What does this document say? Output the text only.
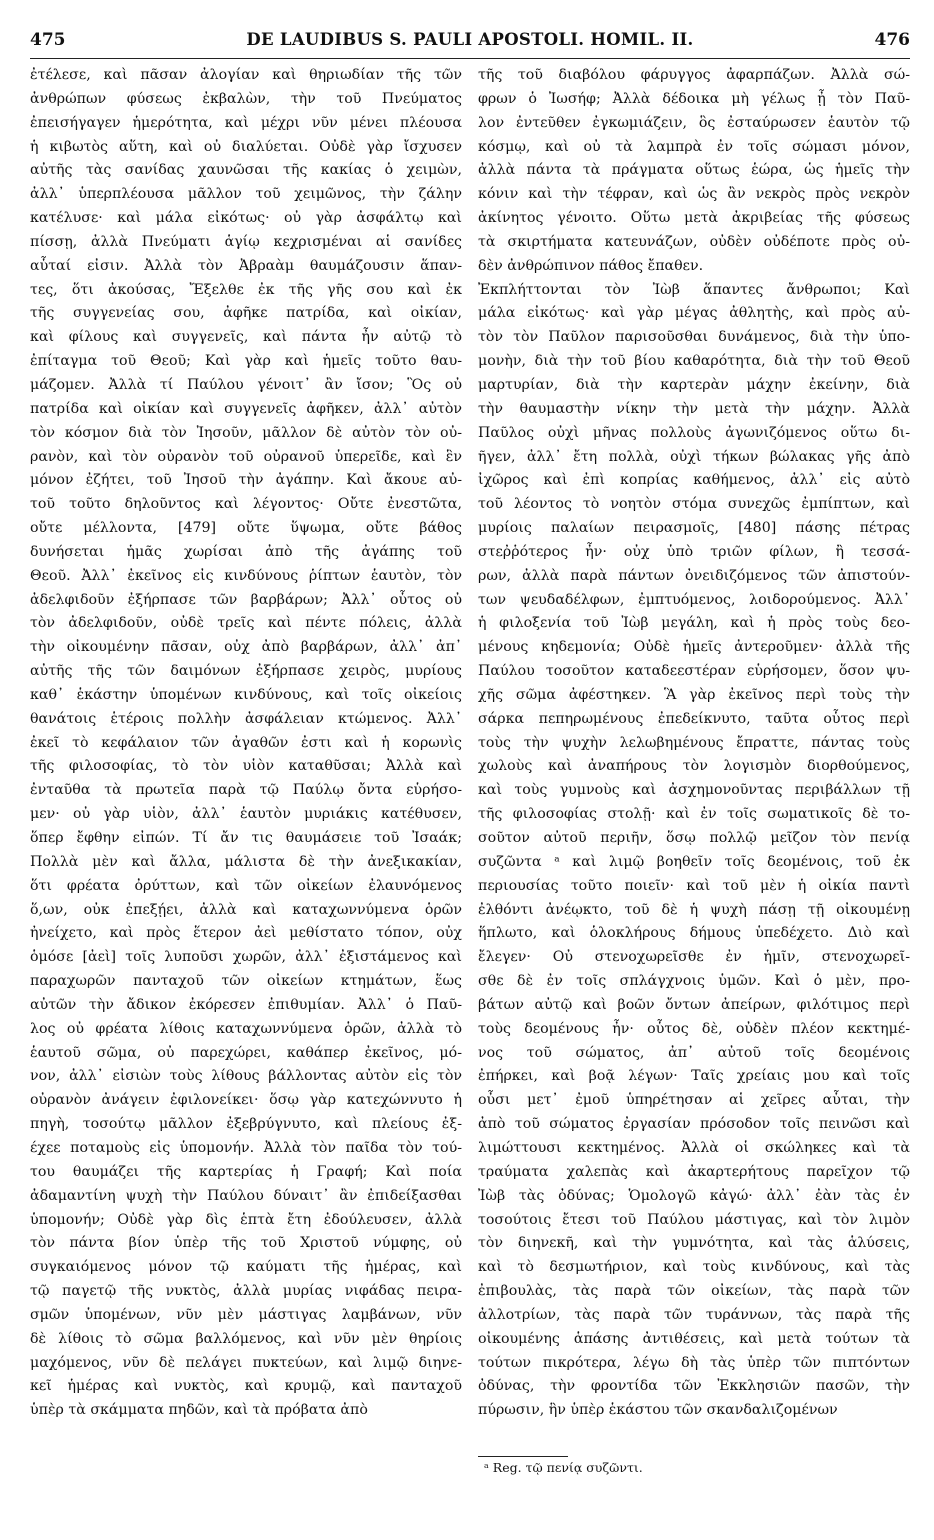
475	DE LAUDIBUS S. PAULI APOSTOLI. HOMIL. II.	476
ἐτέλεσε, καὶ πᾶσαν ἀλογίαν καὶ θηριωδίαν τῆς τῶν
ἀνθρώπων φύσεως ἐκβαλὼν, τὴν τοῦ Πνεύματος
ἐπεισήγαγεν ἡμερότητα, καὶ μέχρι νῦν μένει πλέουσα
ἡ κιβωτὸς αὕτη, καὶ οὐ διαλύεται. Οὐδὲ γὰρ ἴσχυσεν
αὐτῆς τὰς σανίδας χαυνῶσαι τῆς κακίας ὁ χειμὼν,
ἀλλ᾽ ὑπερπλέουσα μᾶλλον τοῦ χειμῶνος, τὴν ζάλην
κατέλυσε· καὶ μάλα εἰκότως· οὐ γὰρ ἀσφάλτῳ καὶ
πίσσῃ, ἀλλὰ Πνεύματι ἁγίῳ κεχρισμέναι αἱ σανίδες
αὗταί εἰσιν. Ἀλλὰ τὸν Ἀβραὰμ θαυμάζουσιν ἅπαν-
τες, ὅτι ἀκούσας, Ἔξελθε ἐκ τῆς γῆς σου καὶ ἐκ
τῆς συγγενείας σου, ἀφῆκε πατρίδα, καὶ οἰκίαν,
καὶ φίλους καὶ συγγενεῖς, καὶ πάντα ἦν αὐτῷ τὸ
ἐπίταγμα τοῦ Θεοῦ; Καὶ γὰρ καὶ ἡμεῖς τοῦτο θαυ-
μάζομεν. Ἀλλὰ τί Παύλου γένοιτ᾽ ἂν ἴσον; Ὃς οὐ
πατρίδα καὶ οἰκίαν καὶ συγγενεῖς ἀφῆκεν, ἀλλ᾽ αὐτὸν
τὸν κόσμον διὰ τὸν Ἰησοῦν, μᾶλλον δὲ αὐτὸν τὸν οὐ-
ρανὸν, καὶ τὸν οὐρανὸν τοῦ οὐρανοῦ ὑπερεῖδε, καὶ ἓν
μόνον ἐζήτει, τοῦ Ἰησοῦ τὴν ἀγάπην. Καὶ ἄκουε αὐ-
τοῦ τοῦτο δηλοῦντος καὶ λέγοντος· Οὔτε ἐνεστῶτα,
οὔτε μέλλοντα, [479] οὔτε ὕψωμα, οὔτε βάθος
δυνήσεται ἡμᾶς χωρίσαι ἀπὸ τῆς ἀγάπης τοῦ
Θεοῦ. Ἀλλ᾽ ἐκεῖνος εἰς κινδύνους ῥίπτων ἑαυτὸν, τὸν
ἀδελφιδοῦν ἐξήρπασε τῶν βαρβάρων; Ἀλλ᾽ οὗτος οὐ
τὸν ἀδελφιδοῦν, οὐδὲ τρεῖς καὶ πέντε πόλεις, ἀλλὰ
τὴν οἰκουμένην πᾶσαν, οὐχ ἀπὸ βαρβάρων, ἀλλ᾽ ἀπ᾽
αὐτῆς τῆς τῶν δαιμόνων ἐξήρπασε χειρὸς, μυρίους
καθ᾽ ἑκάστην ὑπομένων κινδύνους, καὶ τοῖς οἰκείοις
θανάτοις ἑτέροις πολλὴν ἀσφάλειαν κτώμενος. Ἀλλ᾽
ἐκεῖ τὸ κεφάλαιον τῶν ἀγαθῶν ἐστι καὶ ἡ κορωνὶς
τῆς φιλοσοφίας, τὸ τὸν υἱὸν καταθῦσαι; Ἀλλὰ καὶ
ἐνταῦθα τὰ πρωτεῖα παρὰ τῷ Παύλῳ ὄντα εὑρήσο-
μεν· οὐ γὰρ υἱὸν, ἀλλ᾽ ἑαυτὸν μυριάκις κατέθυσεν,
ὅπερ ἔφθην εἰπών. Τί ἄν τις θαυμάσειε τοῦ Ἰσαάκ;
Πολλὰ μὲν καὶ ἄλλα, μάλιστα δὲ τὴν ἀνεξικακίαν,
ὅτι φρέατα ὀρύττων, καὶ τῶν οἰκείων ἐλαυνόμενος
ὅ,ων, οὐκ ἐπεξῄει, ἀλλὰ καὶ καταχωννύμενα ὁρῶν
ἠνείχετο, καὶ πρὸς ἕτερον ἀεὶ μεθίστατο τόπον, οὐχ
ὁμόσε [ἀεὶ] τοῖς λυποῦσι χωρῶν, ἀλλ᾽ ἐξιστάμενος καὶ
παραχωρῶν πανταχοῦ τῶν οἰκείων κτημάτων, ἕως
αὐτῶν τὴν ἄδικον ἐκόρεσεν ἐπιθυμίαν. Ἀλλ᾽ ὁ Παῦ-
λος οὐ φρέατα λίθοις καταχωννύμενα ὁρῶν, ἀλλὰ τὸ
ἑαυτοῦ σῶμα, οὐ παρεχώρει, καθάπερ ἐκεῖνος, μό-
νον, ἀλλ᾽ εἰσιὼν τοὺς λίθους βάλλοντας αὐτὸν εἰς τὸν
οὐρανὸν ἀνάγειν ἐφιλονείκει· ὅσῳ γὰρ κατεχώννυτο ἡ
πηγὴ, τοσούτῳ μᾶλλον ἐξεβρύγνυτο, καὶ πλείους ἐξ-
έχεε ποταμοὺς εἰς ὑπομονήν. Ἀλλὰ τὸν παῖδα τὸν τού-
του θαυμάζει τῆς καρτερίας ἡ Γραφή; Καὶ ποία
ἀδαμαντίνη ψυχὴ τὴν Παύλου δύναιτ᾽ ἂν ἐπιδείξασθαι
ὑπομονήν; Οὐδὲ γὰρ δὶς ἑπτὰ ἔτη ἐδούλευσεν, ἀλλὰ
τὸν πάντα βίον ὑπὲρ τῆς τοῦ Χριστοῦ νύμφης, οὐ
συγκαιόμενος μόνον τῷ καύματι τῆς ἡμέρας, καὶ
τῷ παγετῷ τῆς νυκτὸς, ἀλλὰ μυρίας νιφάδας πειρα-
σμῶν ὑπομένων, νῦν μὲν μάστιγας λαμβάνων, νῦν
δὲ λίθοις τὸ σῶμα βαλλόμενος, καὶ νῦν μὲν θηρίοις
μαχόμενος, νῦν δὲ πελάγει πυκτεύων, καὶ λιμῷ διηνε-
κεῖ ἡμέρας καὶ νυκτὸς, καὶ κρυμῷ, καὶ πανταχοῦ
ὑπὲρ τὰ σκάμματα πηδῶν, καὶ τὰ πρόβατα ἀπὸ
τῆς τοῦ διαβόλου φάρυγγος ἀφαρπάζων. Ἀλλὰ σώ-
φρων ὁ Ἰωσήφ; Ἀλλὰ δέδοικα μὴ γέλως ᾖ τὸν Παῦ-
λον ἐντεῦθεν ἐγκωμιάζειν, ὃς ἐσταύρωσεν ἑαυτὸν τῷ
κόσμῳ, καὶ οὐ τὰ λαμπρὰ ἐν τοῖς σώμασι μόνον,
ἀλλὰ πάντα τὰ πράγματα οὕτως ἑώρα, ὡς ἡμεῖς τὴν
κόνιν καὶ τὴν τέφραν, καὶ ὡς ἂν νεκρὸς πρὸς νεκρὸν
ἀκίνητος γένοιτο. Οὕτω μετὰ ἀκριβείας τῆς φύσεως
τὰ σκιρτήματα κατευνάζων, οὐδὲν οὐδέποτε πρὸς οὐ-
δὲν ἀνθρώπινον πάθος ἔπαθεν.
Ἐκπλήττονται τὸν Ἰὼβ ἅπαντες ἄνθρωποι; Καὶ
μάλα εἰκότως· καὶ γὰρ μέγας ἀθλητὴς, καὶ πρὸς αὐ-
τὸν τὸν Παῦλον παρισοῦσθαι δυνάμενος, διὰ τὴν ὑπο-
μονὴν, διὰ τὴν τοῦ βίου καθαρότητα, διὰ τὴν τοῦ Θεοῦ
μαρτυρίαν, διὰ τὴν καρτερὰν μάχην ἐκείνην, διὰ
τὴν θαυμαστὴν νίκην τὴν μετὰ τὴν μάχην. Ἀλλὰ
Παῦλος οὐχὶ μῆνας πολλοὺς ἀγωνιζόμενος οὕτω δι-
ῆγεν, ἀλλ᾽ ἔτη πολλὰ, οὐχὶ τήκων βώλακας γῆς ἀπὸ
ἰχῶρος καὶ ἐπὶ κοπρίας καθήμενος, ἀλλ᾽ εἰς αὐτὸ
τοῦ λέοντος τὸ νοητὸν στόμα συνεχῶς ἐμπίπτων, καὶ
μυρίοις παλαίων πειρασμοῖς, [480] πάσης πέτρας
στεῤῥότερος ἦν· οὐχ ὑπὸ τριῶν φίλων, ἢ τεσσά-
ρων, ἀλλὰ παρὰ πάντων ὀνειδιζόμενος τῶν ἀπιστούν-
των ψευδαδέλφων, ἐμπτυόμενος, λοιδορούμενος. Ἀλλ᾽
ἡ φιλοξενία τοῦ Ἰὼβ μεγάλη, καὶ ἡ πρὸς τοὺς δεο-
μένους κηδεμονία; Οὐδὲ ἡμεῖς ἀντεροῦμεν· ἀλλὰ τῆς
Παύλου τοσοῦτον καταδεεστέραν εὑρήσομεν, ὅσον ψυ-
χῆς σῶμα ἀφέστηκεν. Ἃ γὰρ ἐκεῖνος περὶ τοὺς τὴν
σάρκα πεπηρωμένους ἐπεδείκνυτο, ταῦτα οὗτος περὶ
τοὺς τὴν ψυχὴν λελωβημένους ἔπραττε, πάντας τοὺς
χωλοὺς καὶ ἀναπήρους τὸν λογισμὸν διορθούμενος,
καὶ τοὺς γυμνοὺς καὶ ἀσχημονοῦντας περιβάλλων τῇ
τῆς φιλοσοφίας στολῇ· καὶ ἐν τοῖς σωματικοῖς δὲ το-
σοῦτον αὐτοῦ περιῆν, ὅσῳ πολλῷ μεῖζον τὸν πενίᾳ
συζῶντα ᵃ καὶ λιμῷ βοηθεῖν τοῖς δεομένοις, τοῦ ἐκ
περιουσίας τοῦτο ποιεῖν· καὶ τοῦ μὲν ἡ οἰκία παντὶ
ἐλθόντι ἀνέῳκτο, τοῦ δὲ ἡ ψυχὴ πάσῃ τῇ οἰκουμένῃ
ἥπλωτο, καὶ ὁλοκλήρους δήμους ὑπεδέχετο. Διὸ καὶ
ἔλεγεν· Οὐ στενοχωρεῖσθε ἐν ἡμῖν, στενοχωρεῖ-
σθε δὲ ἐν τοῖς σπλάγχνοις ὑμῶν. Καὶ ὁ μὲν, προ-
βάτων αὐτῷ καὶ βοῶν ὄντων ἀπείρων, φιλότιμος περὶ
τοὺς δεομένους ἦν· οὗτος δὲ, οὐδὲν πλέον κεκτημέ-
νος τοῦ σώματος, ἀπ᾽ αὐτοῦ τοῖς δεομένοις
ἐπήρκει, καὶ βοᾷ λέγων· Ταῖς χρείαις μου καὶ τοῖς
οὖσι μετ᾽ ἐμοῦ ὑπηρέτησαν αἱ χεῖρες αὗται, τὴν
ἀπὸ τοῦ σώματος ἐργασίαν πρόσοδον τοῖς πεινῶσι καὶ
λιμώττουσι κεκτημένος. Ἀλλὰ οἱ σκώληκες καὶ τὰ
τραύματα χαλεπὰς καὶ ἀκαρτερήτους παρεῖχον τῷ
Ἰὼβ τὰς ὀδύνας; Ὁμολογῶ κἀγώ· ἀλλ᾽ ἐὰν τὰς ἐν
τοσούτοις ἔτεσι τοῦ Παύλου μάστιγας, καὶ τὸν λιμὸν
τὸν διηνεκῆ, καὶ τὴν γυμνότητα, καὶ τὰς ἁλύσεις,
καὶ τὸ δεσμωτήριον, καὶ τοὺς κινδύνους, καὶ τὰς
ἐπιβουλὰς, τὰς παρὰ τῶν οἰκείων, τὰς παρὰ τῶν
ἀλλοτρίων, τὰς παρὰ τῶν τυράννων, τὰς παρὰ τῆς
οἰκουμένης ἁπάσης ἀντιθέσεις, καὶ μετὰ τούτων τὰ
τούτων πικρότερα, λέγω δὴ τὰς ὑπὲρ τῶν πιπτόντων
ὀδύνας, τὴν φροντίδα τῶν Ἐκκλησιῶν πασῶν, τὴν
πύρωσιν, ἣν ὑπὲρ ἑκάστου τῶν σκανδαλιζομένων
ᵃ Reg. τῷ πενίᾳ συζῶντι.
